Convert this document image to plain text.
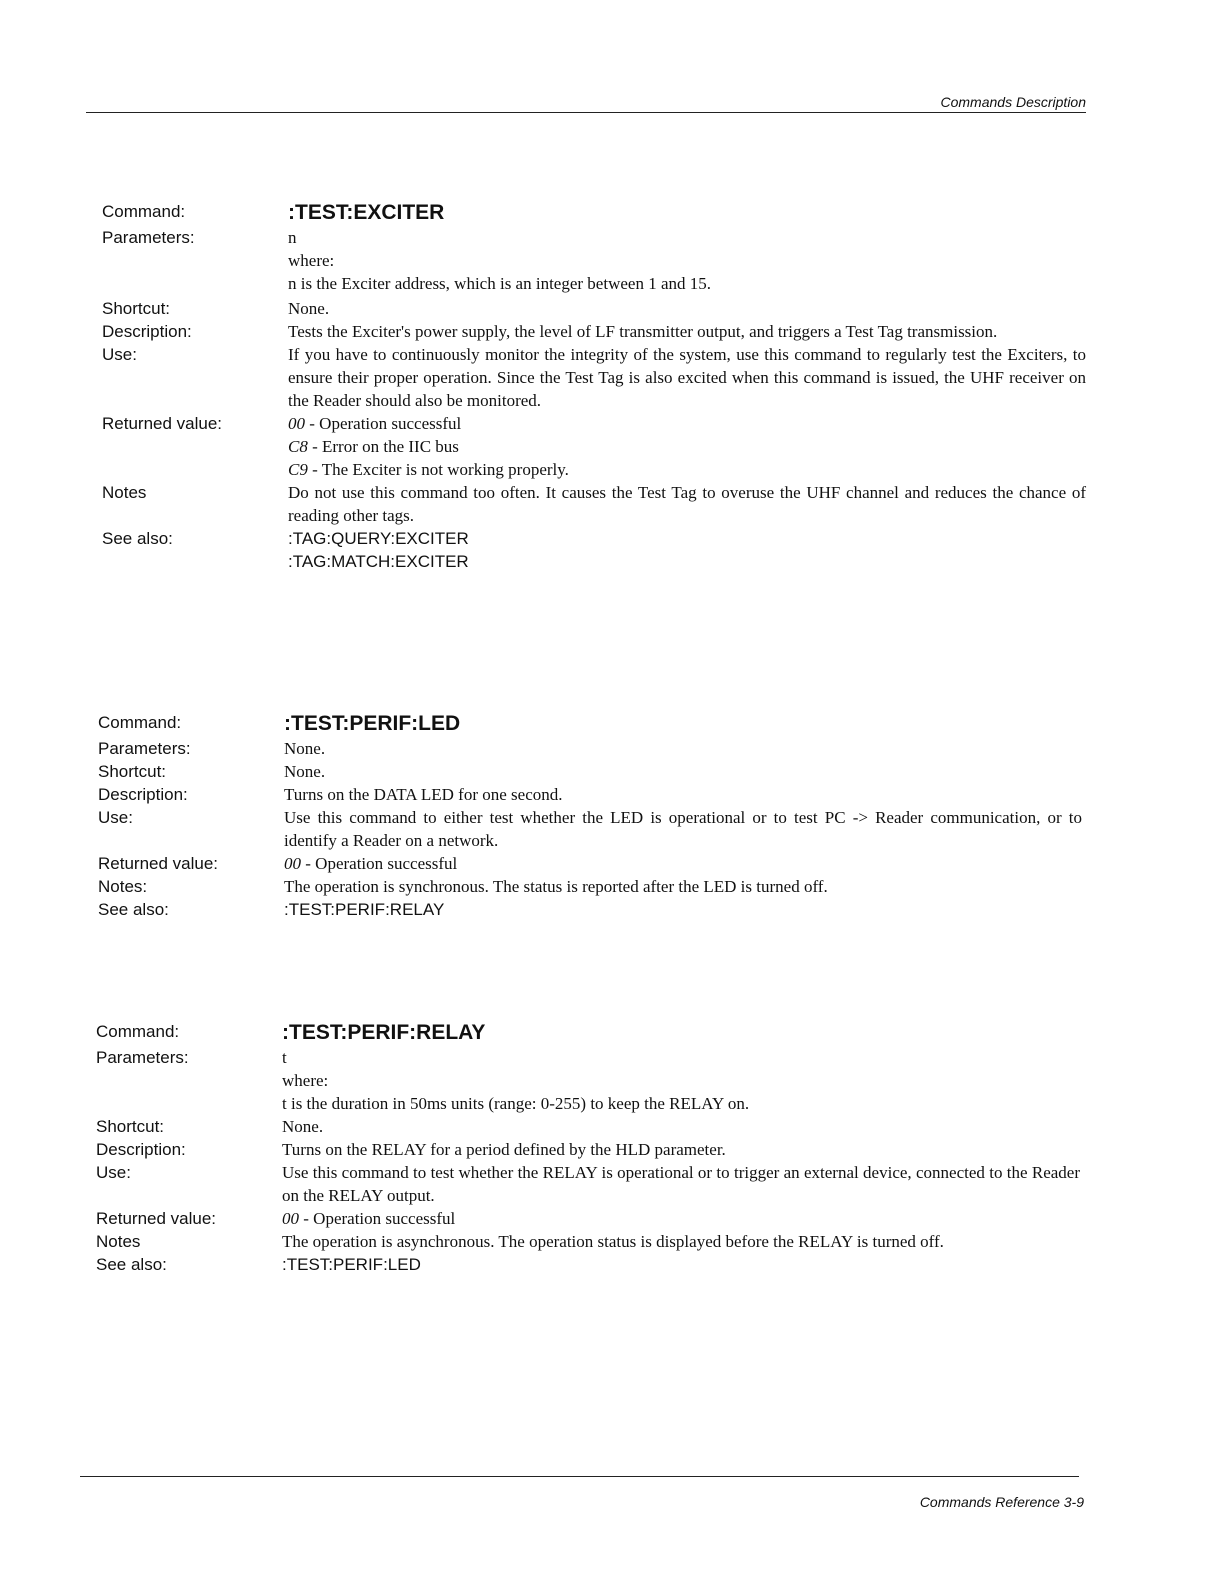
Commands Description
Command:	:TEST:EXCITER
Parameters:	n
where:
n is the Exciter address, which is an integer between 1 and 15.
Shortcut:	None.
Description:	Tests the Exciter's power supply, the level of LF transmitter output, and triggers a Test Tag transmission.
Use:	If you have to continuously monitor the integrity of the system, use this command to regularly test the Exciters, to ensure their proper operation. Since the Test Tag is also excited when this command is issued, the UHF receiver on the Reader should also be monitored.
Returned value:	00 - Operation successful
C8 - Error on the IIC bus
C9 - The Exciter is not working properly.
Notes	Do not use this command too often. It causes the Test Tag to overuse the UHF channel and reduces the chance of reading other tags.
See also:	:TAG:QUERY:EXCITER
:TAG:MATCH:EXCITER
Command:	:TEST:PERIF:LED
Parameters:	None.
Shortcut:	None.
Description:	Turns on the DATA LED for one second.
Use:	Use this command to either test whether the LED is operational or to test PC -> Reader communication, or to identify a Reader on a network.
Returned value:	00 - Operation successful
Notes:	The operation is synchronous. The status is reported after the LED is turned off.
See also:	:TEST:PERIF:RELAY
Command:	:TEST:PERIF:RELAY
Parameters:	t
where:
t is the duration in 50ms units (range: 0-255) to keep the RELAY on.
Shortcut:	None.
Description:	Turns on the RELAY for a period defined by the HLD parameter.
Use:	Use this command to test whether the RELAY is operational or to trigger an external device, connected to the Reader on the RELAY output.
Returned value:	00 - Operation successful
Notes	The operation is asynchronous. The operation status is displayed before the RELAY is turned off.
See also:	:TEST:PERIF:LED
Commands Reference 3-9
